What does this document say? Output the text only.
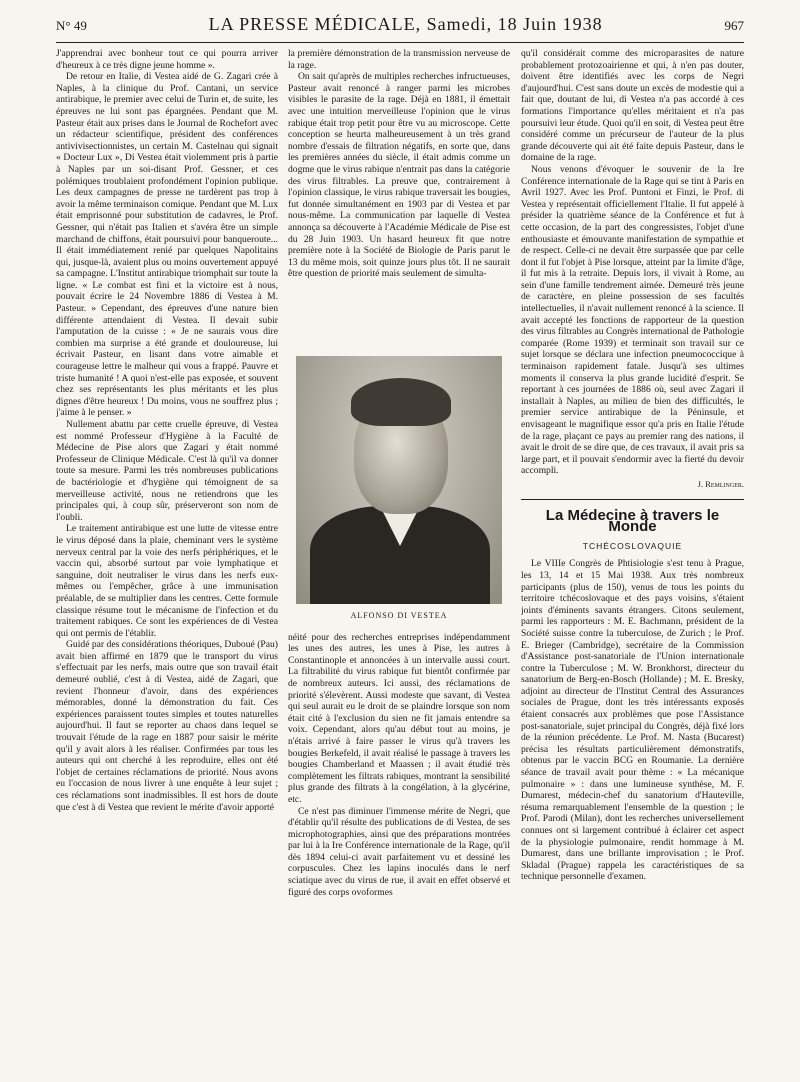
N° 49	LA PRESSE MÉDICALE, Samedi, 18 Juin 1938	967

J'apprendrai avec bonheur tout ce qui pourra arriver d'heureux à ce très digne jeune homme ».

De retour en Italie, di Vestea aidé de G. Zagari crée à Naples, à la clinique du Prof. Cantani, un service antirabique, le premier avec celui de Turin et, de suite, les épreuves ne lui sont pas épargnées. Pendant que M. Pasteur était aux prises dans le Journal de Rochefort avec un rédacteur scientifique, président des conférences antivivisectionnistes, un certain M. Castelnau qui signait « Docteur Lux », Di Vestea était violemment pris à partie à Naples par un soi-disant Prof. Gessner, et ces polémiques troublaient profondément l'opinion publique. Les deux campagnes de presse ne tardèrent pas trop à avoir la même terminaison comique. Pendant que M. Lux était emprisonné pour substitution de cadavres, le Prof. Gessner, qui n'était pas Italien et s'avéra être un simple marchand de chiffons, était poursuivi pour banqueroute... Il était immédiatement renié par quelques Napolitains qui, jusque-là, avaient plus ou moins ouvertement appuyé sa campagne. L'Institut antirabique triomphait sur toute la ligne. « Le combat est fini et la victoire est à nous, pouvait écrire le 24 Novembre 1886 di Vestea à M. Pasteur. » Cependant, des épreuves d'une nature bien différente attendaient di Vestea. Il devait subir l'amputation de la cuisse : « Je ne saurais vous dire combien ma surprise a été grande et douloureuse, lui écrivait Pasteur, en lisant dans votre aimable et courageuse lettre le malheur qui vous a frappé. Pauvre et triste humanité ! A quoi n'est-elle pas exposée, et souvent chez ses représentants les plus méritants et les plus dignes d'être heureux ! Du moins, vous ne souffrez plus ; j'aime à le penser. »

Nullement abattu par cette cruelle épreuve, di Vestea est nommé Professeur d'Hygiène à la Faculté de Médecine de Pise alors que Zagari y était nommé Professeur de Clinique Médicale. C'est là qu'il va donner toute sa mesure. Parmi les très nombreuses publications de bactériologie et d'hygiène qui témoignent de sa merveilleuse activité, nous ne retiendrons que les principales qui, à coup sûr, préserveront son nom de l'oubli.

Le traitement antirabique est une lutte de vitesse entre le virus déposé dans la plaie, cheminant vers le système nerveux central par la voie des nerfs périphériques, et le vaccin qui, absorbé surtout par voie lymphatique et sanguine, doit neutraliser le virus dans les nerfs eux-mêmes ou l'empêcher, grâce à une immunisation préalable, de se multiplier dans les centres. Cette formule classique résume tout le mécanisme de l'infection et du traitement rabiques. Ce sont les expériences de di Vestea qui ont permis de l'établir.

Guidé par des considérations théoriques, Duboué (Pau) avait bien affirmé en 1879 que le transport du virus s'effectuait par les nerfs, mais outre que son travail était demeuré oublié, c'est à di Vestea, aidé de Zagari, que revient l'honneur d'avoir, dans des expériences mémorables, donné la démonstration du fait. Ces expériences paraissent toutes simples et toutes naturelles aujourd'hui. Il faut se reporter au chaos dans lequel se trouvait l'étude de la rage en 1887 pour saisir le mérite qu'il y avait alors à les réaliser. Confirmées par tous les auteurs qui ont cherché à les reproduire, elles ont été l'objet de certaines réclamations de priorité. Nous avons eu l'occasion de nous livrer à une enquête à leur sujet ; ces réclamations sont inadmissibles. Il est hors de doute que c'est à di Vestea que revient le mérite d'avoir apporté

la première démonstration de la transmission nerveuse de la rage.

On sait qu'après de multiples recherches infructueuses, Pasteur avait renoncé à ranger parmi les microbes visibles le parasite de la rage. Déjà en 1881, il émettait avec une intuition merveilleuse l'opinion que le virus rabique était trop petit pour être vu au microscope. Cette conception se heurta malheureusement à un très grand nombre d'essais de filtration négatifs, en sorte que, dans les premières années du siècle, il était admis comme un dogme que le virus rabique n'entrait pas dans la catégorie des virus filtrables. La preuve que, contrairement à l'opinion classique, le virus rabique traversait les bougies, fut donnée simultanément en 1903 par di Vestea et par nous-même. La communication par laquelle di Vestea annonça sa découverte à l'Académie Médicale de Pise est du 28 Juin 1903. Un hasard heureux fit que notre première note à la Société de Biologie de Paris parut le 13 du même mois, soit quinze jours plus tôt. Il ne saurait être question de priorité mais seulement de simulta-

ALFONSO DI VESTEA

néité pour des recherches entreprises indépendamment les unes des autres, les unes à Pise, les autres à Constantinople et annoncées à un intervalle aussi court. La filtrabilité du virus rabique fut bientôt confirmée par de nombreux auteurs. Ici aussi, des réclamations de priorité s'élevèrent. Aussi modeste que savant, di Vestea qui seul aurait eu le droit de se plaindre lorsque son nom était cité à l'exclusion du sien ne fit jamais entendre sa voix. Cependant, alors qu'au début tout au moins, je n'étais arrivé à faire passer le virus qu'à travers les bougies Berkefeld, il avait réalisé le passage à travers les bougies Chamberland et Maassen ; il avait étudié très complètement les filtrats rabiques, montrant la sensibilité plus grande des filtrats à la congélation, à la glycérine, etc.

Ce n'est pas diminuer l'immense mérite de Negri, que d'établir qu'il résulte des publications de di Vestea, de ses microphotographies, ainsi que des préparations montrées par lui à la Ire Conférence internationale de la Rage, qu'il dès 1894 celui-ci avait parfaitement vu et dessiné les corpuscules. Chez les lapins inoculés dans le nerf sciatique avec du virus de rue, il avait en effet observé et figuré des corps ovoformes

qu'il considérait comme des microparasites de nature probablement protozoairienne et qui, à n'en pas douter, doivent être identifiés avec les corps de Negri d'aujourd'hui. C'est sans doute un excès de modestie qui a fait que, doutant de lui, di Vestea n'a pas accordé à ces formations l'importance qu'elles méritaient et n'a pas poursuivi leur étude. Quoi qu'il en soit, di Vestea peut être considéré comme un précurseur de l'auteur de la plus grande découverte qui ait été faite depuis Pasteur, dans le domaine de la rage.

Nous venons d'évoquer le souvenir de la Ire Conférence internationale de la Rage qui se tint à Paris en Avril 1927. Avec les Prof. Puntoni et Finzi, le Prof. di Vestea y représentait officiellement l'Italie. Il fut appelé à présider la quatrième séance de la Conférence et fut à cette occasion, de la part des congressistes, l'objet d'une enthousiaste et émouvante manifestation de sympathie et de respect. Celle-ci ne devait être surpassée que par celle dont il fut l'objet à Pise lorsque, atteint par la limite d'âge, il fut mis à la retraite. Depuis lors, il vivait à Rome, au sein d'une famille tendrement aimée. Demeuré très jeune de caractère, en pleine possession de ses facultés intellectuelles, il n'avait nullement renoncé à la science. Il avait accepté les fonctions de rapporteur de la question des virus filtrables au Congrès international de Pathologie comparée (Rome 1939) et terminait son travail sur ce sujet lorsque se déclara une infection pneumococcique à terminaison rapidement fatale. Jusqu'à ses ultimes moments il conserva la plus grande lucidité d'esprit. Se reportant à ces journées de 1886 où, seul avec Zagari il installait à Naples, au milieu de bien des difficultés, le premier service antirabique de la Péninsule, et envisageant le magnifique essor qu'a pris en Italie l'étude de la rage, plaçant ce pays au premier rang des nations, il avait le droit de se dire que, de ces travaux, il avait pris sa large part, et il pouvait s'endormir avec la fierté du devoir accompli.

J. Remlinger.
La Médecine à travers le Monde
TCHÉCOSLOVAQUIE

Le VIIIe Congrès de Phtisiologie s'est tenu à Prague, les 13, 14 et 15 Mai 1938. Aux très nombreux participants (plus de 150), venus de tous les points du territoire tchécoslovaque et des pays voisins, s'étaient joints d'éminents savants étrangers. Citons seulement, parmi les rapporteurs : M. E. Bachmann, président de la Société suisse contre la tuberculose, de Zurich ; le Prof. E. Brieger (Cambridge), secrétaire de la Commission d'Assistance post-sanatoriale de l'Union internationale contre la Tuberculose ; M. W. Bronkhorst, directeur du sanatorium de Berg-en-Bosch (Hollande) ; M. E. Bresky, adjoint au directeur de l'Institut Central des Assurances sociales de Prague, dont les très intéressants exposés étaient consacrés aux problèmes que pose l'Assistance post-sanatoriale, sujet principal du Congrès, déjà fixé lors de la réunion précédente. Le Prof. M. Nasta (Bucarest) précisa les résultats particulièrement démonstratifs, obtenus par le vaccin BCG en Roumanie. La dernière séance de travail avait pour thème : « La mécanique pulmonaire » : dans une lumineuse synthèse, M. F. Dumarest, médecin-chef du sanatorium d'Hauteville, résuma remarquablement l'ensemble de la question ; le Prof. Parodi (Milan), dont les recherches universellement connues ont si largement contribué à éclairer cet aspect de la physiologie pulmonaire, rendit hommage à M. Dumarest, dans une brillante improvisation ; le Prof. Skladal (Prague) rappela les caractéristiques de sa technique personnelle d'examen.
